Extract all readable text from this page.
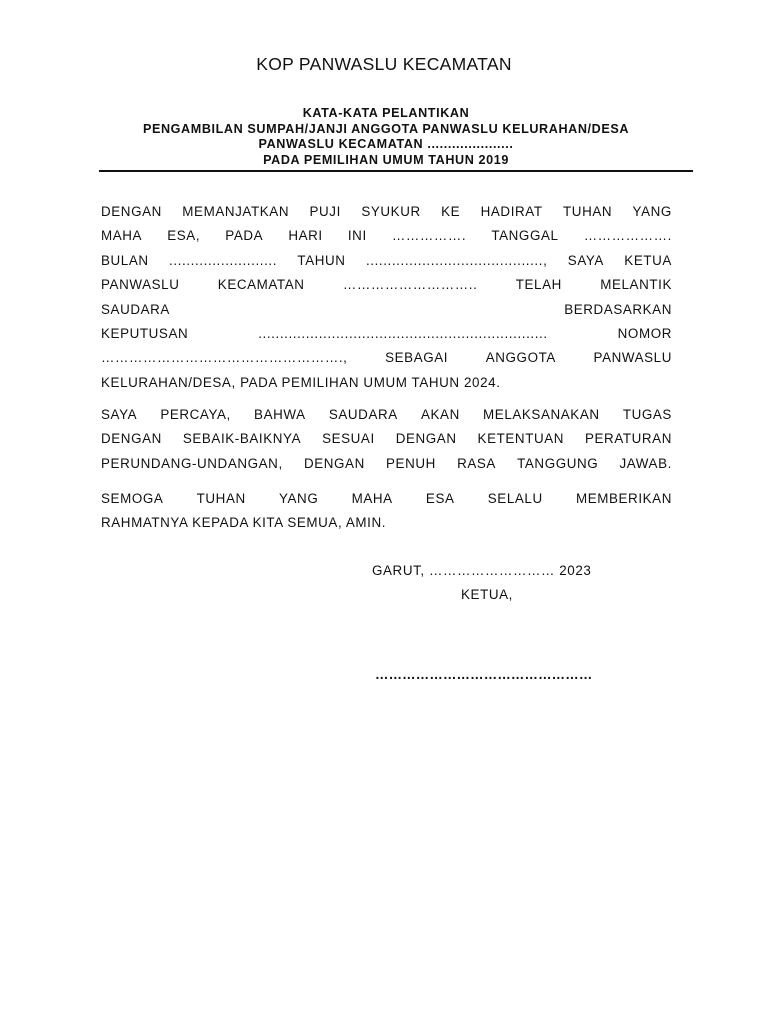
KOP PANWASLU KECAMATAN
KATA-KATA PELANTIKAN
PENGAMBILAN SUMPAH/JANJI ANGGOTA PANWASLU KELURAHAN/DESA
PANWASLU KECAMATAN .....................
PADA PEMILIHAN UMUM TAHUN 2019
DENGAN MEMANJATKAN PUJI SYUKUR KE HADIRAT TUHAN YANG
MAHA ESA, PADA HARI INI ……………. TANGGAL ……………….
BULAN ......................... TAHUN ........................................., SAYA KETUA
PANWASLU	KECAMATAN	………………………..	TELAH	MELANTIK
SAUDARA	BERDASARKAN
KEPUTUSAN	...................................................................	NOMOR
…………………………………………….,	SEBAGAI	ANGGOTA	PANWASLU
KELURAHAN/DESA, PADA PEMILIHAN UMUM TAHUN 2024.
SAYA PERCAYA, BAHWA SAUDARA AKAN MELAKSANAKAN TUGAS
DENGAN SEBAIK-BAIKNYA SESUAI DENGAN KETENTUAN PERATURAN
PERUNDANG-UNDANGAN, DENGAN PENUH RASA TANGGUNG JAWAB.
SEMOGA TUHAN YANG MAHA ESA SELALU MEMBERIKAN
RAHMATNYA KEPADA KITA SEMUA, AMIN.
GARUT, ……………………… 2023
KETUA,
…………………………………………
